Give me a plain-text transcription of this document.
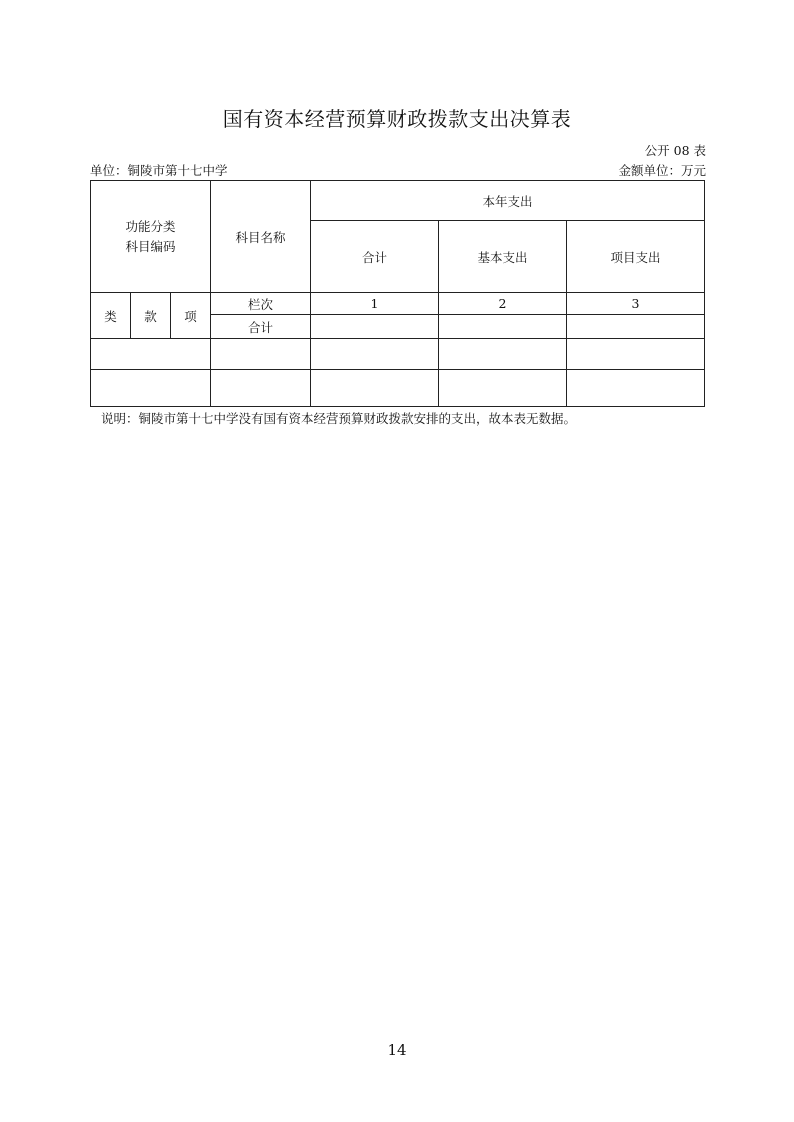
国有资本经营预算财政拨款支出决算表
公开 08 表
单位：铜陵市第十七中学	金额单位：万元
功能分类
科目编码			科目名称	本年支出		
				合计	基本支出	项目支出
类	款	项	栏次	1	2	3
			合计			

说明：铜陵市第十七中学没有国有资本经营预算财政拨款安排的支出，故本表无数据。
14
